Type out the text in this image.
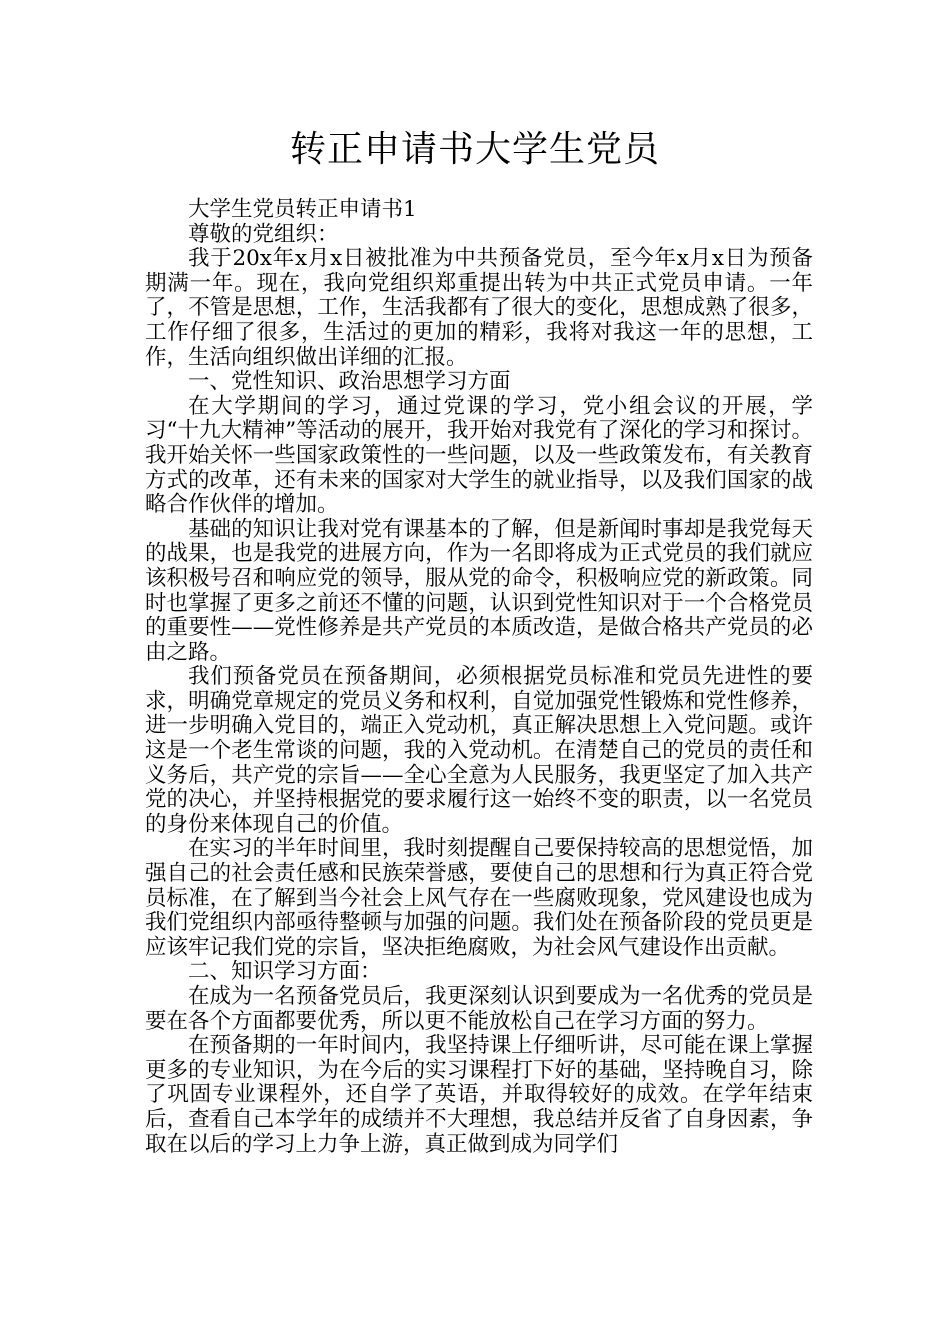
转正申请书大学生党员

大学生党员转正申请书1

尊敬的党组织：

我于20x年x月x日被批准为中共预备党员，至今年x月x日为预备期满一年。现在，我向党组织郑重提出转为中共正式党员申请。一年了，不管是思想，工作，生活我都有了很大的变化，思想成熟了很多，工作仔细了很多，生活过的更加的精彩，我将对我这一年的思想，工作，生活向组织做出详细的汇报。

一、党性知识、政治思想学习方面

在大学期间的学习，通过党课的学习，党小组会议的开展，学习“十九大精神”等活动的展开，我开始对我党有了深化的学习和探讨。我开始关怀一些国家政策性的一些问题，以及一些政策发布，有关教育方式的改革，还有未来的国家对大学生的就业指导，以及我们国家的战略合作伙伴的增加。

基础的知识让我对党有课基本的了解，但是新闻时事却是我党每天的战果，也是我党的进展方向，作为一名即将成为正式党员的我们就应该积极号召和响应党的领导，服从党的命令，积极响应党的新政策。同时也掌握了更多之前还不懂的问题，认识到党性知识对于一个合格党员的重要性——党性修养是共产党员的本质改造，是做合格共产党员的必由之路。

我们预备党员在预备期间，必须根据党员标准和党员先进性的要求，明确党章规定的党员义务和权利，自觉加强党性锻炼和党性修养，进一步明确入党目的，端正入党动机，真正解决思想上入党问题。或许这是一个老生常谈的问题，我的入党动机。在清楚自己的党员的责任和义务后，共产党的宗旨——全心全意为人民服务，我更坚定了加入共产党的决心，并坚持根据党的要求履行这一始终不变的职责，以一名党员的身份来体现自己的价值。

在实习的半年时间里，我时刻提醒自己要保持较高的思想觉悟，加强自己的社会责任感和民族荣誉感，要使自己的思想和行为真正符合党员标准，在了解到当今社会上风气存在一些腐败现象，党风建设也成为我们党组织内部亟待整顿与加强的问题。我们处在预备阶段的党员更是应该牢记我们党的宗旨，坚决拒绝腐败，为社会风气建设作出贡献。

二、知识学习方面：

在成为一名预备党员后，我更深刻认识到要成为一名优秀的党员是要在各个方面都要优秀，所以更不能放松自己在学习方面的努力。

在预备期的一年时间内，我坚持课上仔细听讲，尽可能在课上掌握更多的专业知识，为在今后的实习课程打下好的基础，坚持晚自习，除了巩固专业课程外，还自学了英语，并取得较好的成效。在学年结束后，查看自己本学年的成绩并不大理想，我总结并反省了自身因素，争取在以后的学习上力争上游，真正做到成为同学们
